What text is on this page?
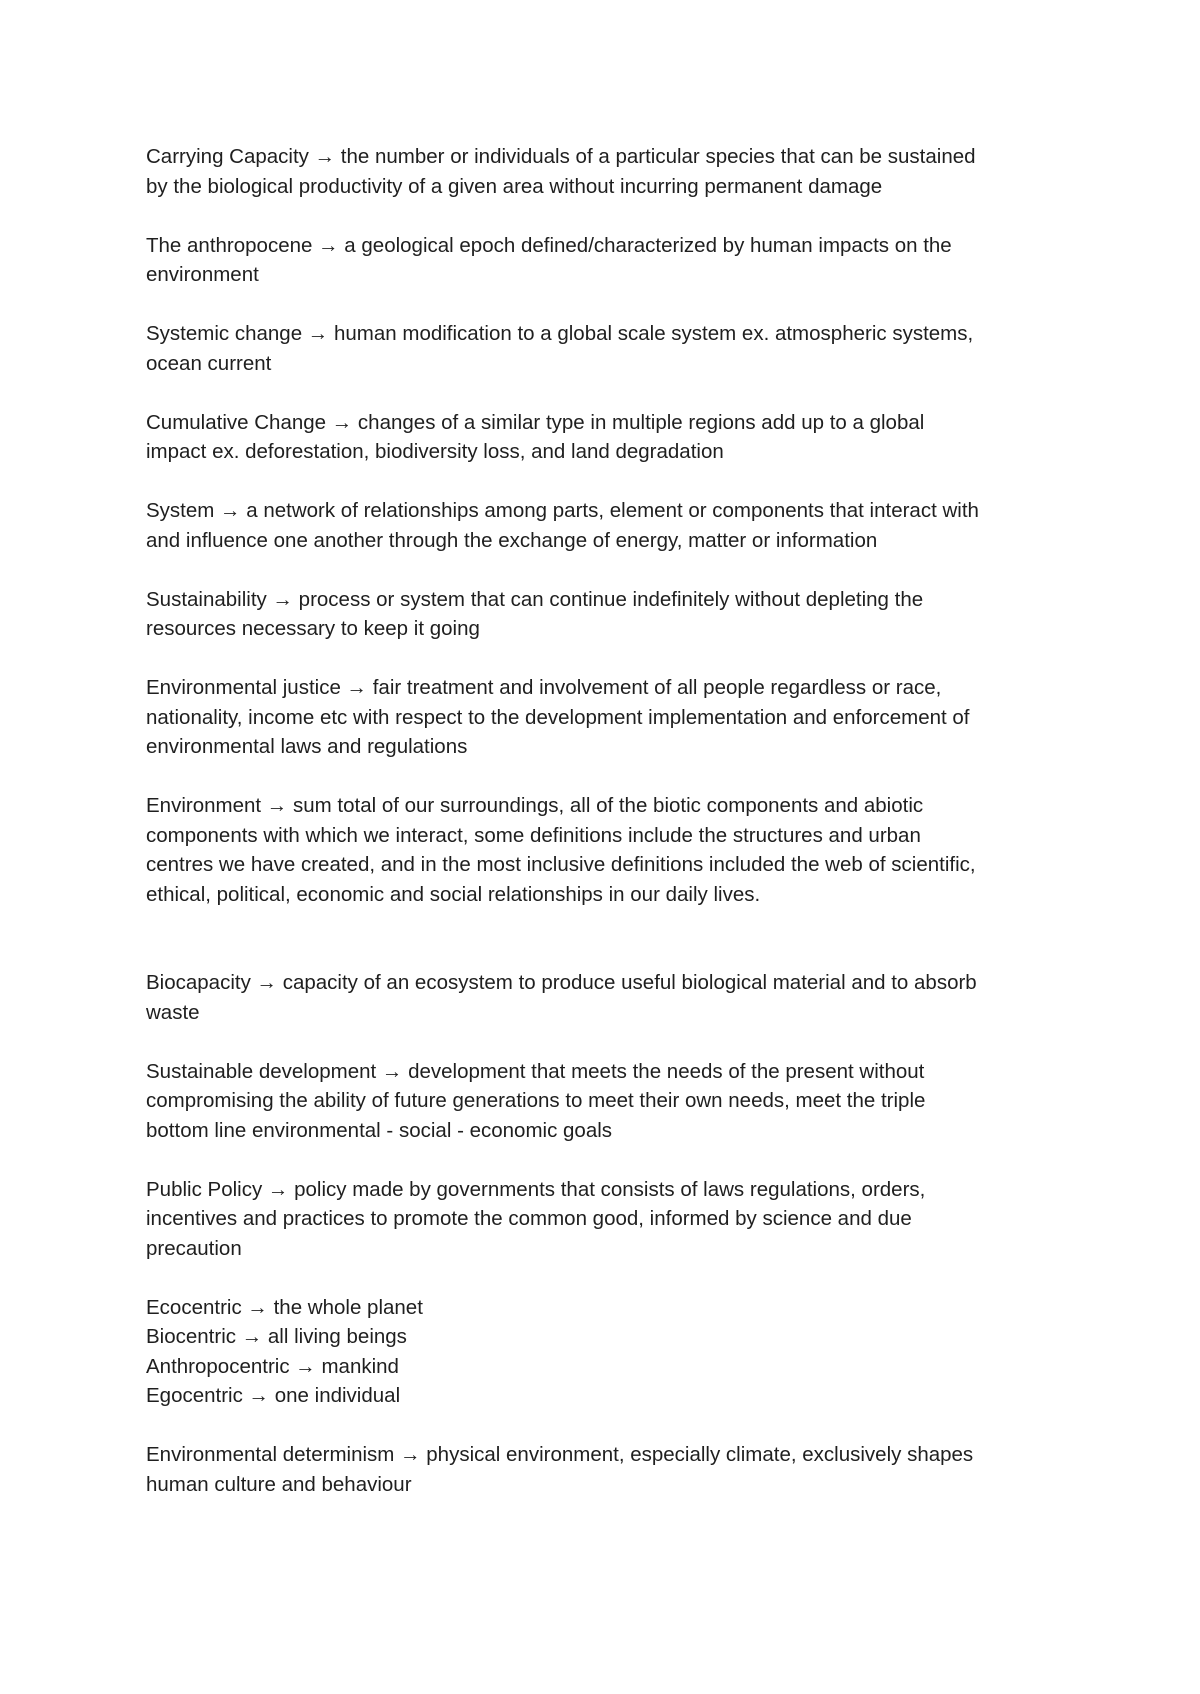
Carrying Capacity → the number or individuals of a particular species that can be sustained
by the biological productivity of a given area without incurring permanent damage

The anthropocene → a geological epoch defined/characterized by human impacts on the
environment

Systemic change → human modification to a global scale system ex. atmospheric systems,
ocean current

Cumulative Change → changes of a similar type in multiple regions add up to a global
impact ex. deforestation, biodiversity loss, and land degradation

System → a network of relationships among parts, element or components that interact with
and influence one another through the exchange of energy, matter or information

Sustainability → process or system that can continue indefinitely without depleting the
resources necessary to keep it going

Environmental justice → fair treatment and involvement of all people regardless or race,
nationality, income etc with respect to the development implementation and enforcement of
environmental laws and regulations

Environment → sum total of our surroundings, all of the biotic components and abiotic
components with which we interact, some definitions include the structures and urban
centres we have created, and in the most inclusive definitions included the web of scientific,
ethical, political, economic and social relationships in our daily lives.

Biocapacity → capacity of an ecosystem to produce useful biological material and to absorb
waste

Sustainable development → development that meets the needs of the present without
compromising the ability of future generations to meet their own needs, meet the triple
bottom line environmental - social - economic goals

Public Policy → policy made by governments that consists of laws regulations, orders,
incentives and practices to promote the common good, informed by science and due
precaution

Ecocentric → the whole planet
Biocentric → all living beings
Anthropocentric → mankind
Egocentric → one individual

Environmental determinism → physical environment, especially climate, exclusively shapes
human culture and behaviour
